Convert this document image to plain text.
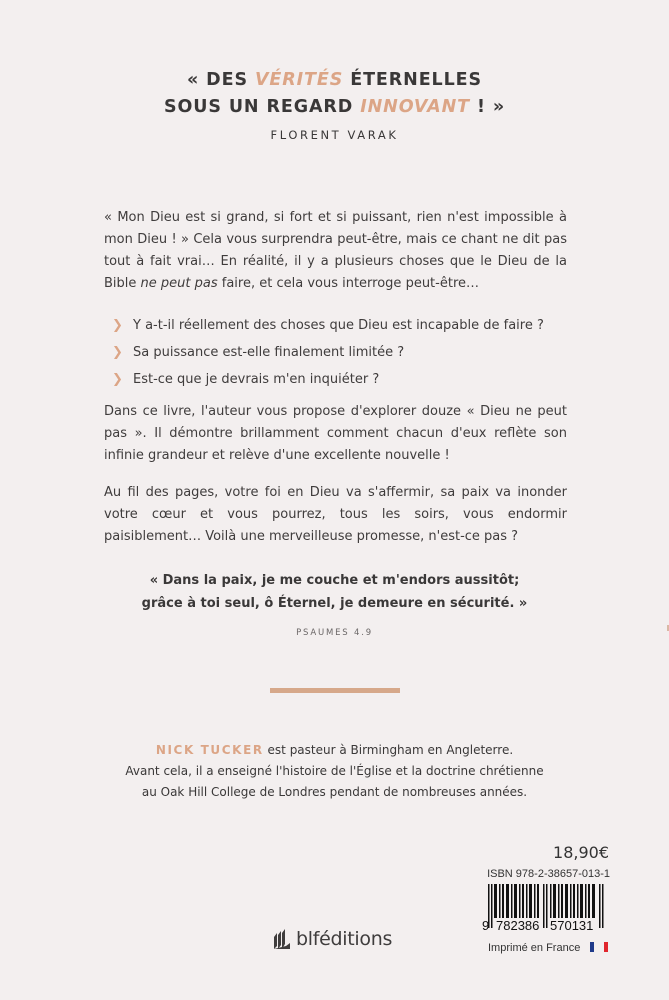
« DES VÉRITÉS ÉTERNELLES
SOUS UN REGARD INNOVANT ! »
FLORENT VARAK

« Mon Dieu est si grand, si fort et si puissant, rien n'est impossible à mon Dieu ! » Cela vous surprendra peut-être, mais ce chant ne dit pas tout à fait vrai… En réalité, il y a plusieurs choses que le Dieu de la Bible ne peut pas faire, et cela vous interroge peut-être…

❯ Y a-t-il réellement des choses que Dieu est incapable de faire ?
❯ Sa puissance est-elle finalement limitée ?
❯ Est-ce que je devrais m'en inquiéter ?
Dans ce livre, l'auteur vous propose d'explorer douze « Dieu ne peut pas ». Il démontre brillamment comment chacun d'eux reflète son infinie grandeur et relève d'une excellente nouvelle !
Au fil des pages, votre foi en Dieu va s'affermir, sa paix va inonder votre cœur et vous pourrez, tous les soirs, vous endormir paisiblement… Voilà une merveilleuse promesse, n'est-ce pas ?
« Dans la paix, je me couche et m'endors aussitôt;
grâce à toi seul, ô Éternel, je demeure en sécurité. »
PSAUMES 4.9
NICK TUCKER est pasteur à Birmingham en Angleterre.
Avant cela, il a enseigné l'histoire de l'Église et la doctrine chrétienne
au Oak Hill College de Londres pendant de nombreuses années.
18,90€
ISBN 978-2-38657-013-1
9 782386 570131
Imprimé en France
blféditions
